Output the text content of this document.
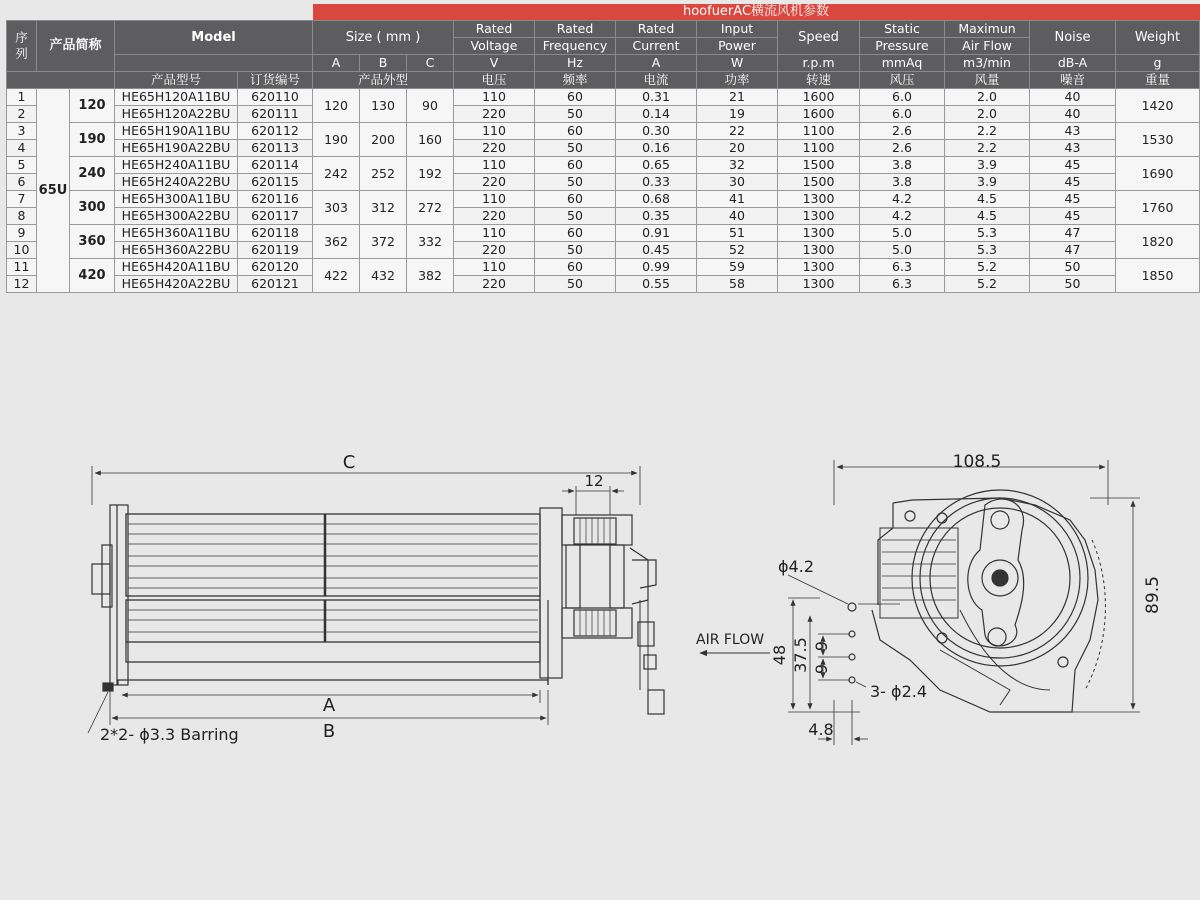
					hoofuerAC横流风机参数											
序
列	产品简称		Model		Size ( mm )			Rated	Rated	Rated	Input	Speed	Static	Maximun	Noise	Weight
								Voltage	Frequency	Current	Power		Pressure	Air Flow		
					A	B	C	V	Hz	A	W	r.p.m	mmAq	m3/min	dB-A	g
			产品型号	订货编号	产品外型			电压	频率	电流	功率	转速	风压	风量	噪音	重量
1	65U	120	HE65H120A11BU	620110	120	130	90	110	60	0.31	21	1600	6.0	2.0	40	1420
2			HE65H120A22BU	620111				220	50	0.14	19	1600	6.0	2.0	40	
3		190	HE65H190A11BU	620112	190	200	160	110	60	0.30	22	1100	2.6	2.2	43	1530
4			HE65H190A22BU	620113				220	50	0.16	20	1100	2.6	2.2	43	
5		240	HE65H240A11BU	620114	242	252	192	110	60	0.65	32	1500	3.8	3.9	45	1690
6			HE65H240A22BU	620115				220	50	0.33	30	1500	3.8	3.9	45	
7		300	HE65H300A11BU	620116	303	312	272	110	60	0.68	41	1300	4.2	4.5	45	1760
8			HE65H300A22BU	620117				220	50	0.35	40	1300	4.2	4.5	45	
9		360	HE65H360A11BU	620118	362	372	332	110	60	0.91	51	1300	5.0	5.3	47	1820
10			HE65H360A22BU	620119				220	50	0.45	52	1300	5.0	5.3	47	
11		420	HE65H420A11BU	620120	422	432	382	110	60	0.99	59	1300	6.3	5.2	50	1850
12			HE65H420A22BU	620121				220	50	0.55	58	1300	6.3	5.2	50	
C
12
A
B
2*2- ϕ3.3 Barring
108.5
89.5
ϕ4.2
AIR FLOW
48 37.5 9
9
3- ϕ2.4
4.8
